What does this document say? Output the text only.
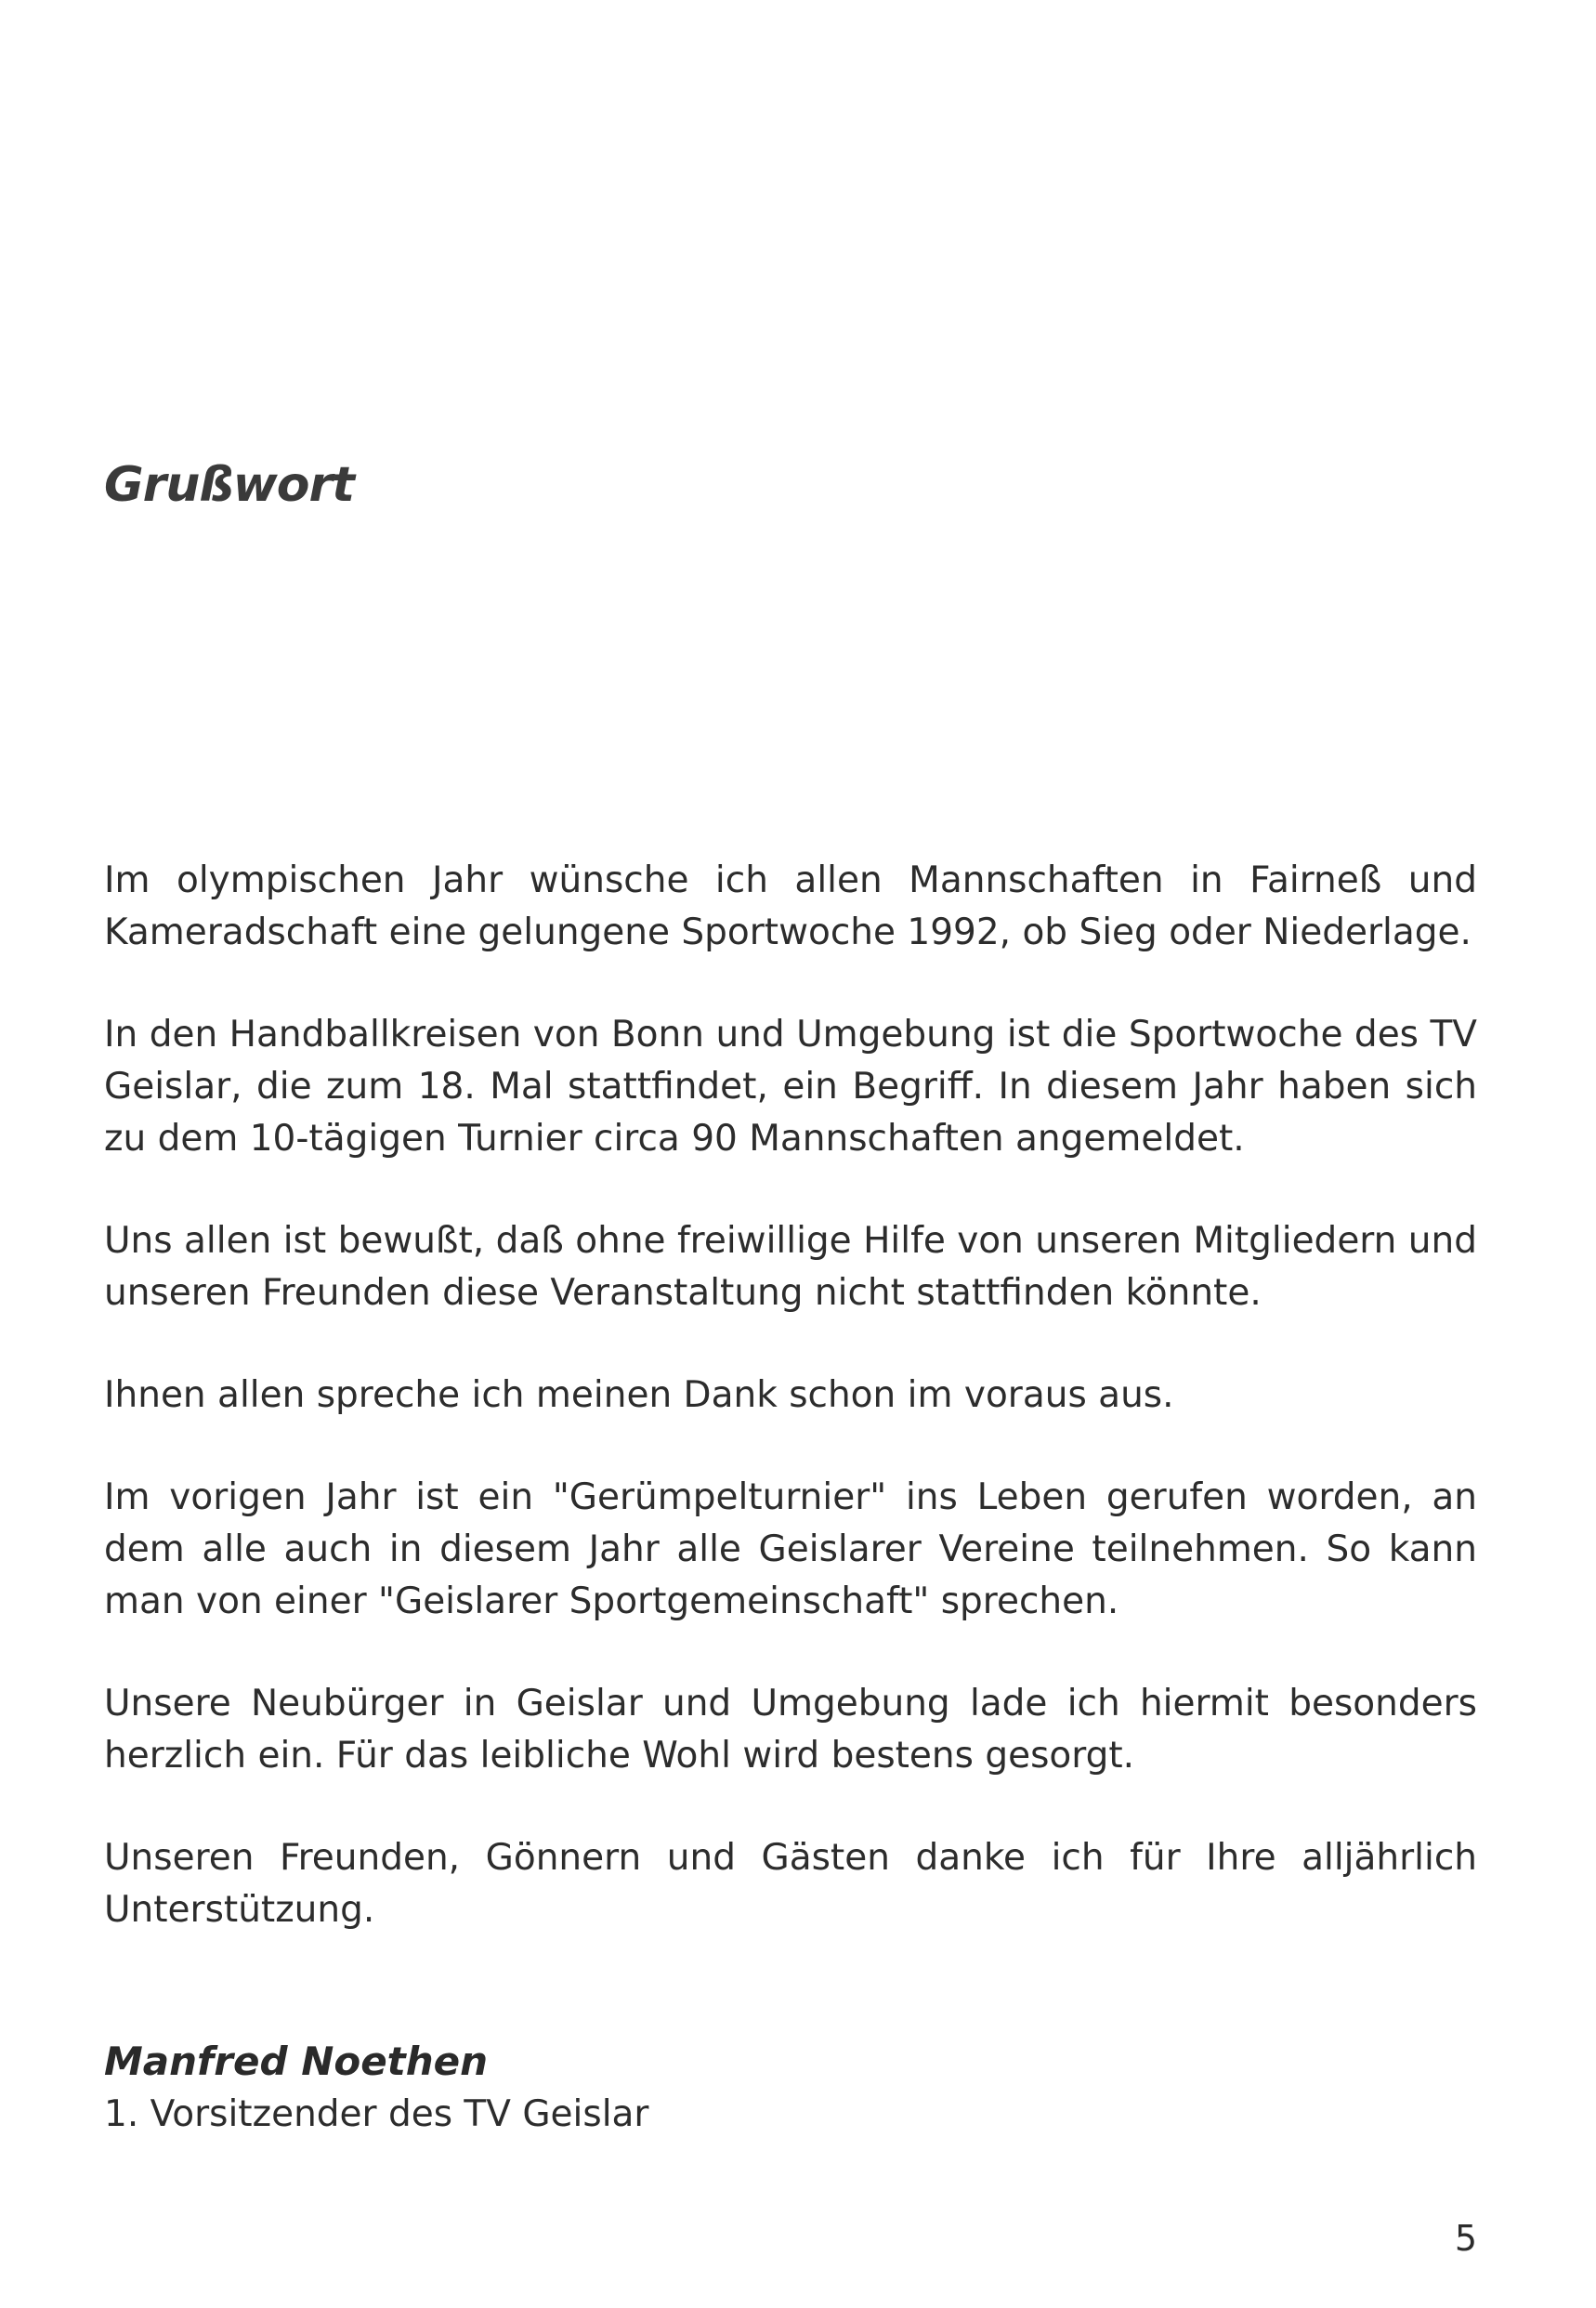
Grußwort

Im olympischen Jahr wünsche ich allen Mannschaften in Fairneß und Kameradschaft eine gelungene Sportwoche 1992, ob Sieg oder Niederlage.

In den Handballkreisen von Bonn und Umgebung ist die Sportwoche des TV Geislar, die zum 18. Mal stattfindet, ein Begriff. In diesem Jahr haben sich zu dem 10-tägigen Turnier circa 90 Mannschaften angemeldet.

Uns allen ist bewußt, daß ohne freiwillige Hilfe von unseren Mitgliedern und unseren Freunden diese Veranstaltung nicht stattfinden könnte.

Ihnen allen spreche ich meinen Dank schon im voraus aus.

Im vorigen Jahr ist ein "Gerümpelturnier" ins Leben gerufen worden, an dem alle auch in diesem Jahr alle Geislarer Vereine teilnehmen. So kann man von einer "Geislarer Sportgemeinschaft" sprechen.

Unsere Neubürger in Geislar und Umgebung lade ich hiermit besonders herzlich ein. Für das leibliche Wohl wird bestens gesorgt.

Unseren Freunden, Gönnern und Gästen danke ich für Ihre alljährlich Unterstützung.

Manfred Noethen

1. Vorsitzender des TV Geislar

5
